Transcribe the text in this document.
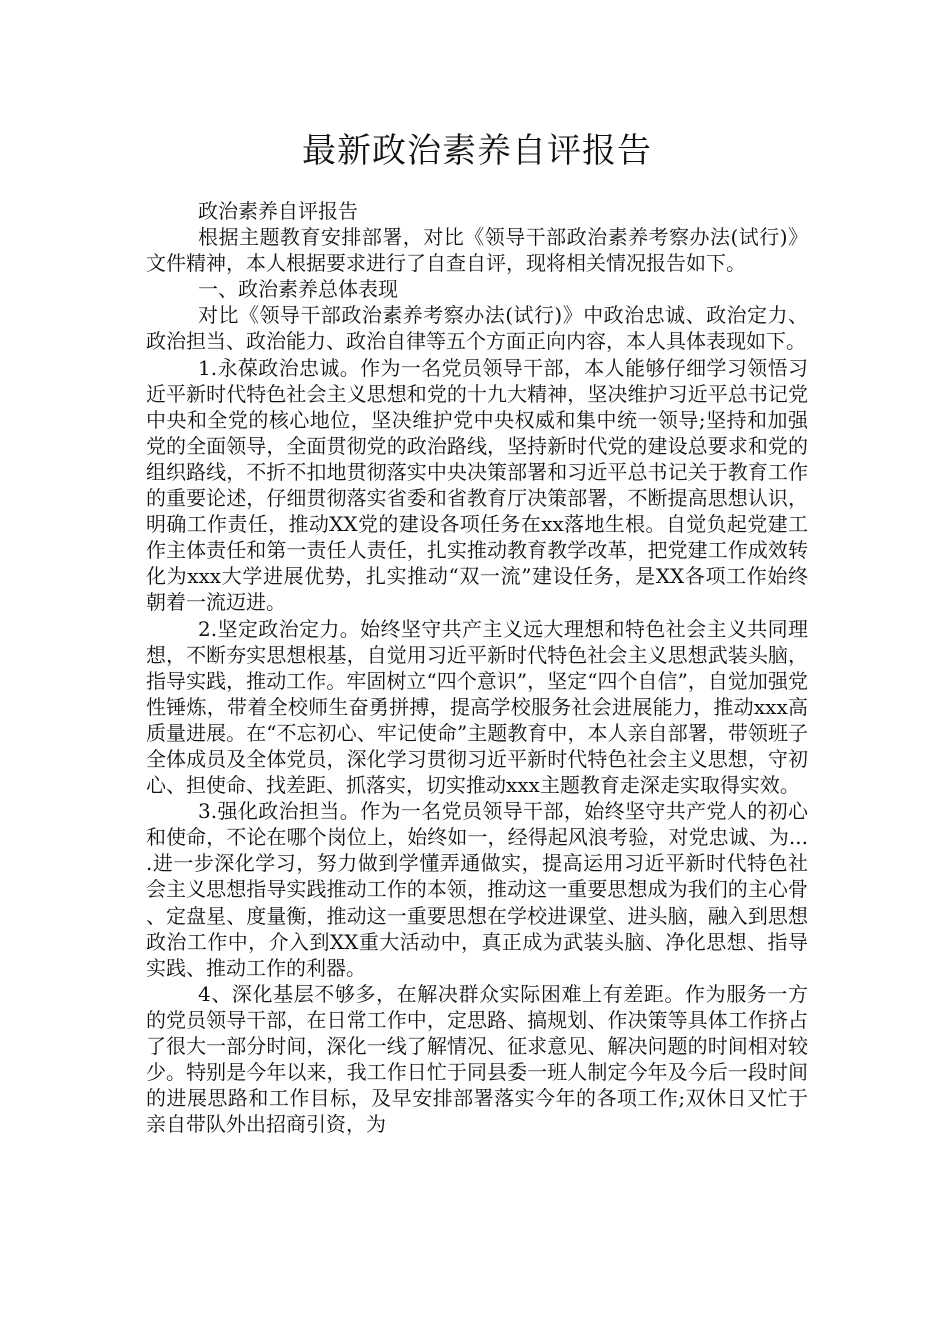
最新政治素养自评报告

政治素养自评报告

根据主题教育安排部署，对比《领导干部政治素养考察办法(试行)》文件精神，本人根据要求进行了自查自评，现将相关情况报告如下。

一、政治素养总体表现

对比《领导干部政治素养考察办法(试行)》中政治忠诚、政治定力、政治担当、政治能力、政治自律等五个方面正向内容，本人具体表现如下。

1.永葆政治忠诚。作为一名党员领导干部，本人能够仔细学习领悟习近平新时代特色社会主义思想和党的十九大精神，坚决维护习近平总书记党中央和全党的核心地位，坚决维护党中央权威和集中统一领导;坚持和加强党的全面领导，全面贯彻党的政治路线，坚持新时代党的建设总要求和党的组织路线，不折不扣地贯彻落实中央决策部署和习近平总书记关于教育工作的重要论述，仔细贯彻落实省委和省教育厅决策部署，不断提高思想认识，明确工作责任，推动XX党的建设各项任务在xx落地生根。自觉负起党建工作主体责任和第一责任人责任，扎实推动教育教学改革，把党建工作成效转化为xxx大学进展优势，扎实推动“双一流”建设任务，是XX各项工作始终朝着一流迈进。

2.坚定政治定力。始终坚守共产主义远大理想和特色社会主义共同理想，不断夯实思想根基，自觉用习近平新时代特色社会主义思想武装头脑，指导实践，推动工作。牢固树立“四个意识”，坚定“四个自信”，自觉加强党性锤炼，带着全校师生奋勇拼搏，提高学校服务社会进展能力，推动xxx高质量进展。在“不忘初心、牢记使命”主题教育中，本人亲自部署，带领班子全体成员及全体党员，深化学习贯彻习近平新时代特色社会主义思想，守初心、担使命、找差距、抓落实，切实推动xxx主题教育走深走实取得实效。

3.强化政治担当。作为一名党员领导干部，始终坚守共产党人的初心和使命，不论在哪个岗位上，始终如一，经得起风浪考验，对党忠诚、为....进一步深化学习，努力做到学懂弄通做实，提高运用习近平新时代特色社会主义思想指导实践推动工作的本领，推动这一重要思想成为我们的主心骨、定盘星、度量衡，推动这一重要思想在学校进课堂、进头脑，融入到思想政治工作中，介入到XX重大活动中，真正成为武装头脑、净化思想、指导实践、推动工作的利器。

4、深化基层不够多，在解决群众实际困难上有差距。作为服务一方的党员领导干部，在日常工作中，定思路、搞规划、作决策等具体工作挤占了很大一部分时间，深化一线了解情况、征求意见、解决问题的时间相对较少。特别是今年以来，我工作日忙于同县委一班人制定今年及今后一段时间的进展思路和工作目标，及早安排部署落实今年的各项工作;双休日又忙于亲自带队外出招商引资，为
